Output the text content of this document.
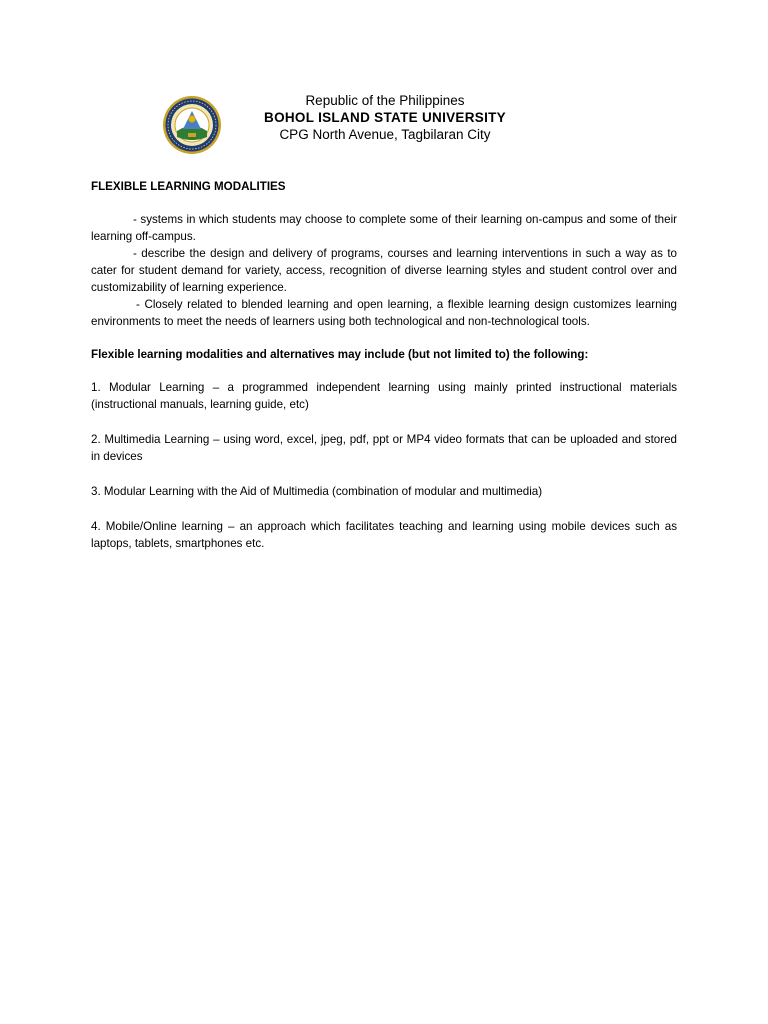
Republic of the Philippines
BOHOL ISLAND STATE UNIVERSITY
CPG North Avenue, Tagbilaran City

FLEXIBLE LEARNING MODALITIES

- systems in which students may choose to complete some of their learning on-campus and some of their learning off-campus.

- describe the design and delivery of programs, courses and learning interventions in such a way as to cater for student demand for variety, access, recognition of diverse learning styles and student control over and customizability of learning experience.

- Closely related to blended learning and open learning, a flexible learning design customizes learning environments to meet the needs of learners using both technological and non-technological tools.

Flexible learning modalities and alternatives may include (but not limited to) the following:

1. Modular Learning – a programmed independent learning using mainly printed instructional materials (instructional manuals, learning guide, etc)

2. Multimedia Learning – using word, excel, jpeg, pdf, ppt or MP4 video formats that can be uploaded and stored in devices

3. Modular Learning with the Aid of Multimedia (combination of modular and multimedia)

4. Mobile/Online learning – an approach which facilitates teaching and learning using mobile devices such as laptops, tablets, smartphones etc.
